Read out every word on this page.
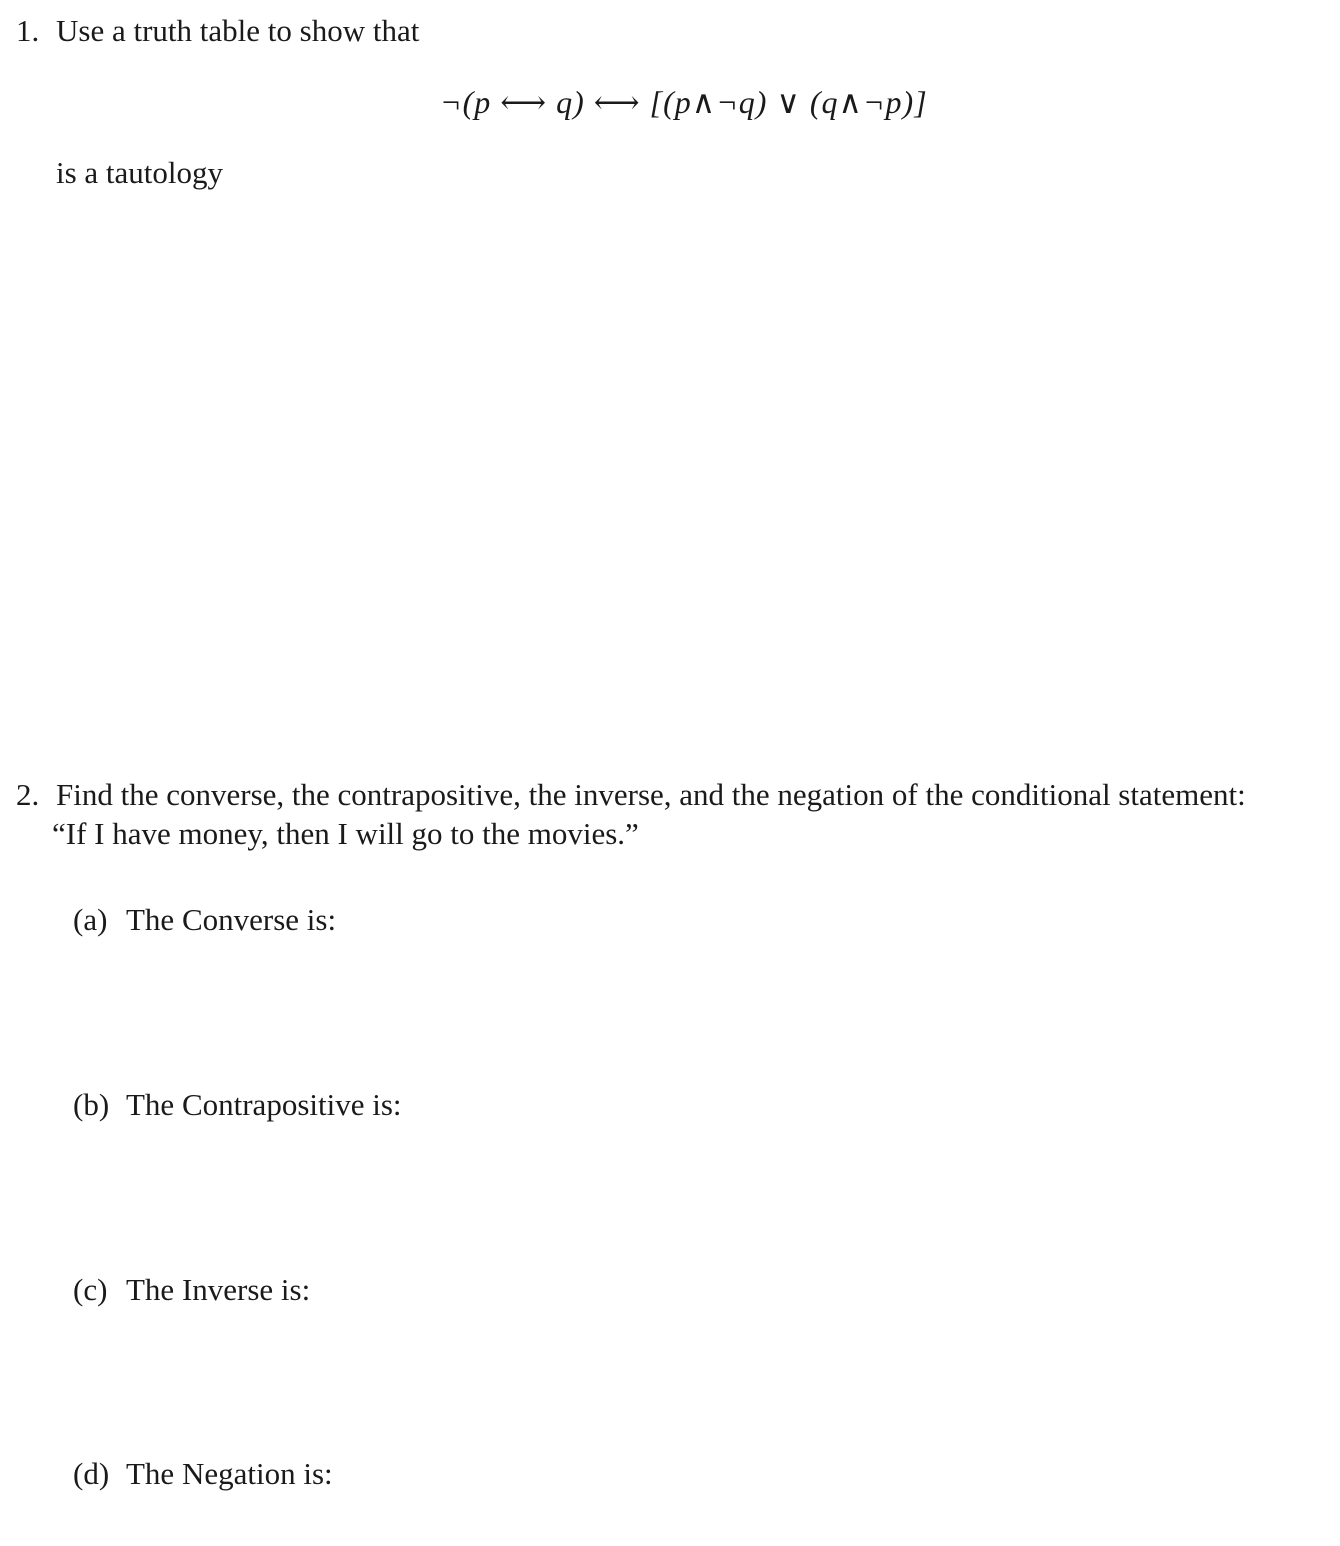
1. Use a truth table to show that
¬(p ⟷ q) ⟷ [(p∧¬q) ∨ (q∧¬p)]
is a tautology
2. Find the converse, the contrapositive, the inverse, and the negation of the conditional statement:
“If I have money, then I will go to the movies.”
(a) The Converse is:
(b) The Contrapositive is:
(c) The Inverse is:
(d) The Negation is:
